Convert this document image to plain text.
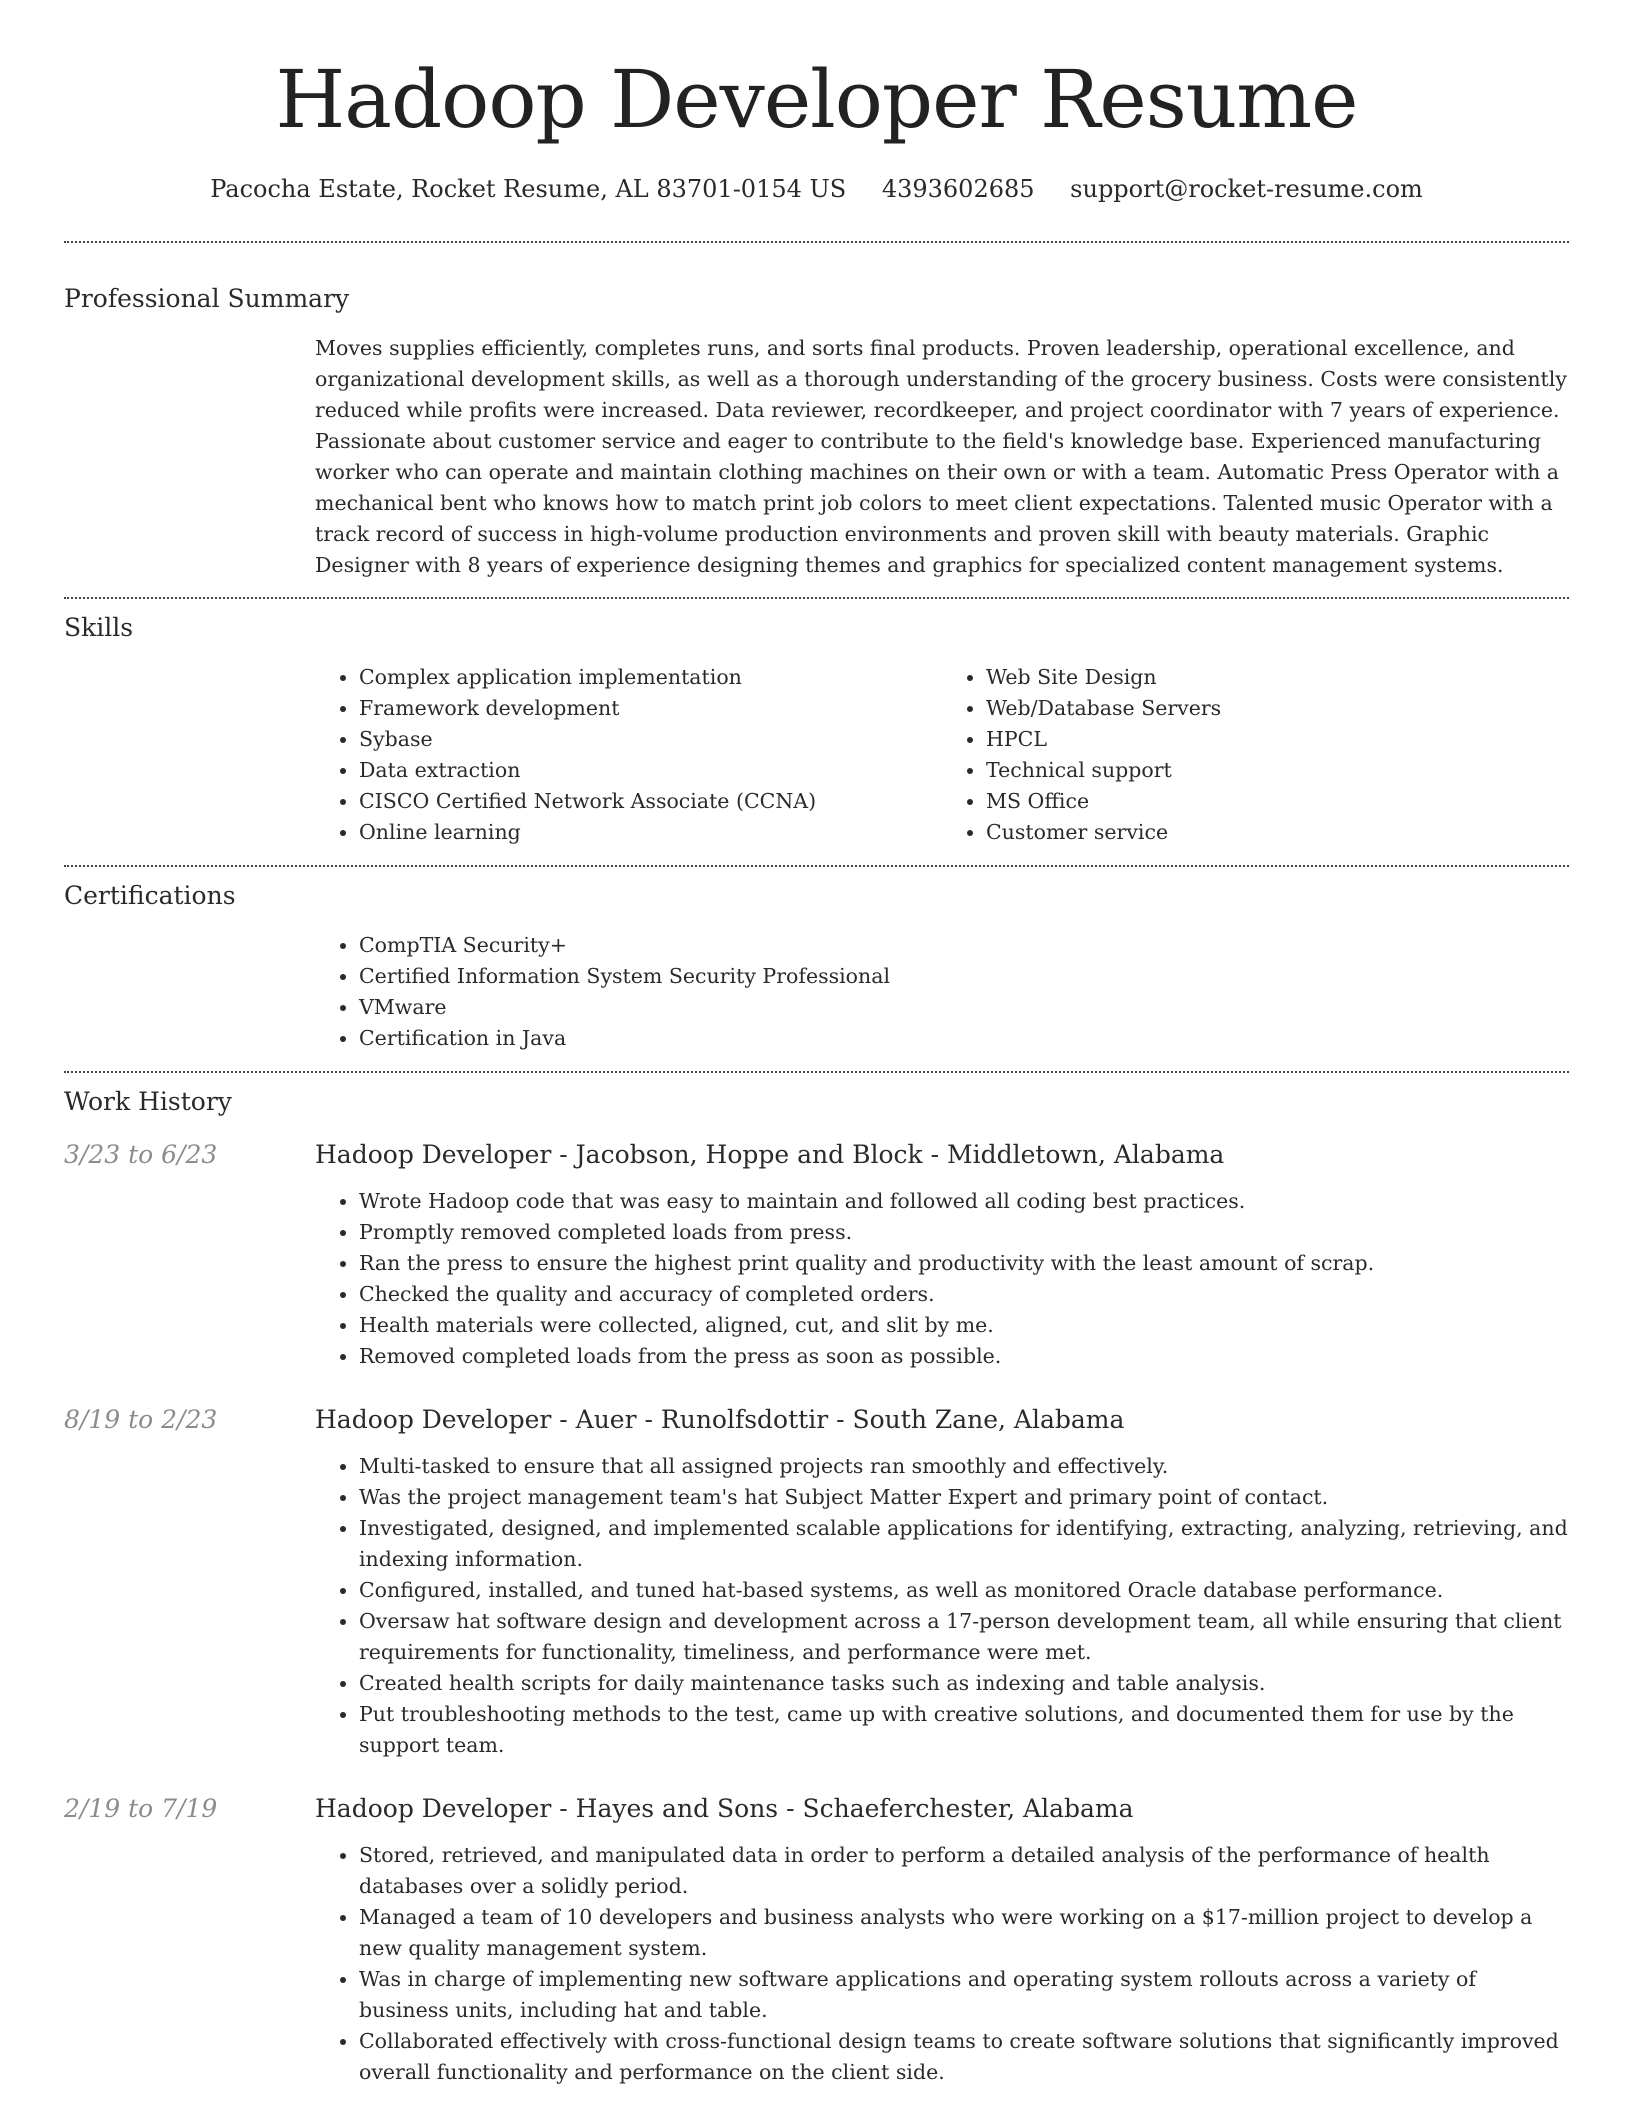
Hadoop Developer Resume
Pacocha Estate, Rocket Resume, AL 83701-0154 US 4393602685 support@rocket-resume.com
Professional Summary
Moves supplies efficiently, completes runs, and sorts final products. Proven leadership, operational excellence, and organizational development skills, as well as a thorough understanding of the grocery business. Costs were consistently reduced while profits were increased. Data reviewer, recordkeeper, and project coordinator with 7 years of experience. Passionate about customer service and eager to contribute to the field's knowledge base. Experienced manufacturing worker who can operate and maintain clothing machines on their own or with a team. Automatic Press Operator with a mechanical bent who knows how to match print job colors to meet client expectations. Talented music Operator with a track record of success in high-volume production environments and proven skill with beauty materials. Graphic Designer with 8 years of experience designing themes and graphics for specialized content management systems.
Skills
• Complex application implementation
• Framework development
• Sybase
• Data extraction
• CISCO Certified Network Associate (CCNA)
• Online learning
• Web Site Design
• Web/Database Servers
• HPCL
• Technical support
• MS Office
• Customer service
Certifications
• CompTIA Security+
• Certified Information System Security Professional
• VMware
• Certification in Java
Work History
3/23 to 6/23	Hadoop Developer - Jacobson, Hoppe and Block - Middletown, Alabama
• Wrote Hadoop code that was easy to maintain and followed all coding best practices.
• Promptly removed completed loads from press.
• Ran the press to ensure the highest print quality and productivity with the least amount of scrap.
• Checked the quality and accuracy of completed orders.
• Health materials were collected, aligned, cut, and slit by me.
• Removed completed loads from the press as soon as possible.
8/19 to 2/23	Hadoop Developer - Auer - Runolfsdottir - South Zane, Alabama
• Multi-tasked to ensure that all assigned projects ran smoothly and effectively.
• Was the project management team's hat Subject Matter Expert and primary point of contact.
• Investigated, designed, and implemented scalable applications for identifying, extracting, analyzing, retrieving, and indexing information.
• Configured, installed, and tuned hat-based systems, as well as monitored Oracle database performance.
• Oversaw hat software design and development across a 17-person development team, all while ensuring that client requirements for functionality, timeliness, and performance were met.
• Created health scripts for daily maintenance tasks such as indexing and table analysis.
• Put troubleshooting methods to the test, came up with creative solutions, and documented them for use by the support team.
2/19 to 7/19	Hadoop Developer - Hayes and Sons - Schaeferchester, Alabama
• Stored, retrieved, and manipulated data in order to perform a detailed analysis of the performance of health databases over a solidly period.
• Managed a team of 10 developers and business analysts who were working on a $17-million project to develop a new quality management system.
• Was in charge of implementing new software applications and operating system rollouts across a variety of business units, including hat and table.
• Collaborated effectively with cross-functional design teams to create software solutions that significantly improved overall functionality and performance on the client side.
